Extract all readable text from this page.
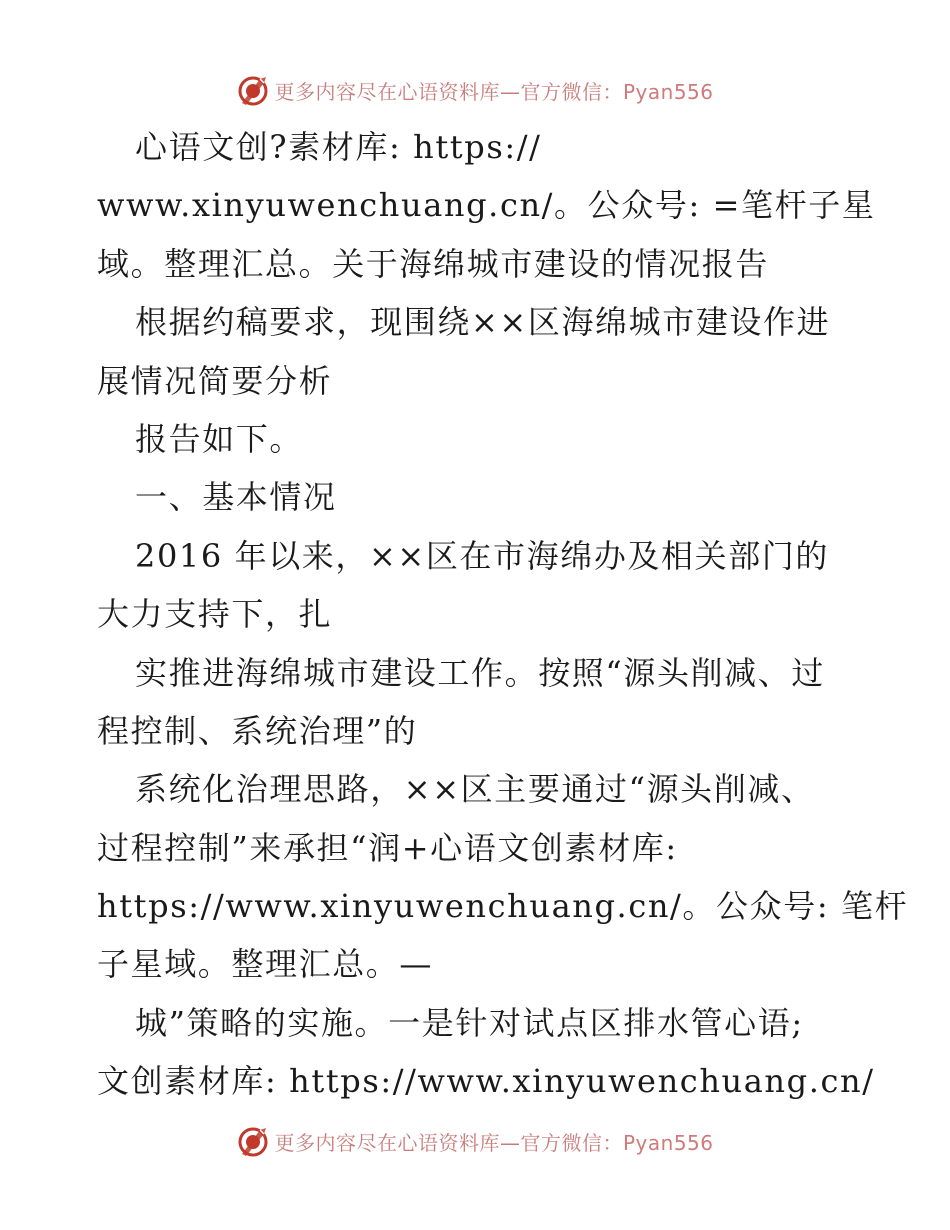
更多内容尽在心语资料库—官方微信：Pyan556
心语文创?素材库: https://
www.xinyuwenchuang.cn/。公众号: =笔杆子星
域。整理汇总。关于海绵城市建设的情况报告
根据约稿要求，现围绕××区海绵城市建设作进
展情况简要分析
报告如下。
一、基本情况
2016 年以来，××区在市海绵办及相关部门的
大力支持下，扎
实推进海绵城市建设工作。按照“源头削减、过
程控制、系统治理”的
系统化治理思路，××区主要通过“源头削减、
过程控制”来承担“润+心语文创素材库:
https://www.xinyuwenchuang.cn/。公众号: 笔杆
子星域。整理汇总。—
城”策略的实施。一是针对试点区排水管心语;
文创素材库: https://www.xinyuwenchuang.cn/
更多内容尽在心语资料库—官方微信：Pyan556
